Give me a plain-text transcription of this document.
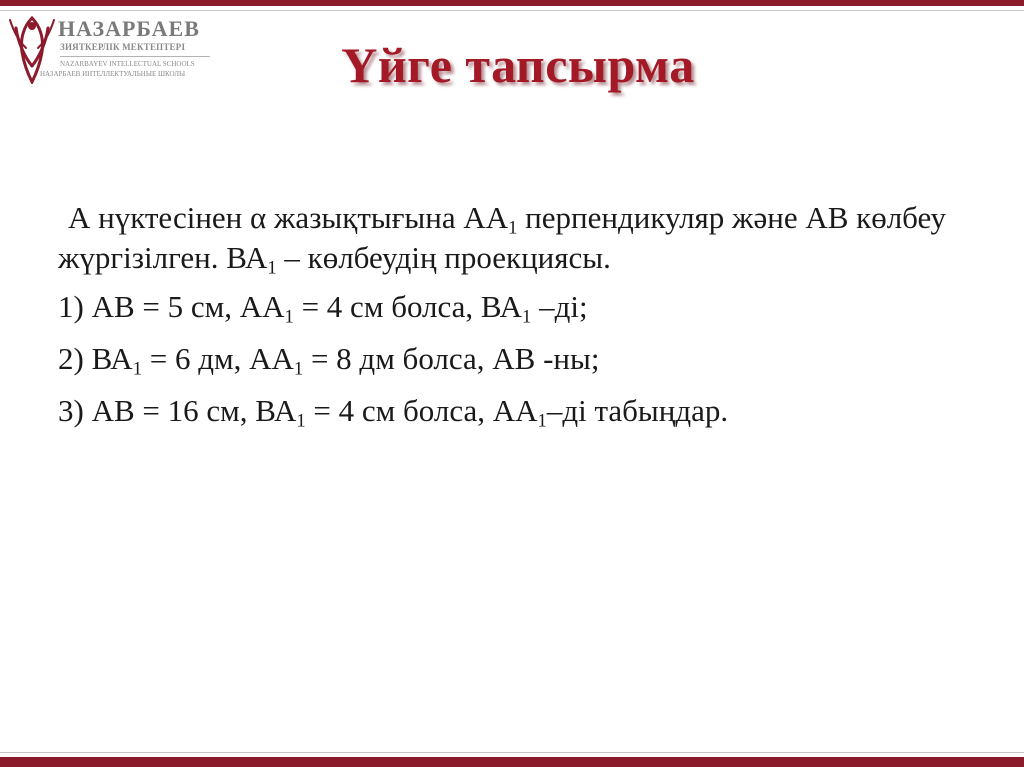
НАЗАРБАЕВ
ЗИЯТКЕРЛІК МЕКТЕПТЕРІ
NAZARBAYEV INTELLECTUAL SCHOOLS
НАЗАРБАЕВ ИНТЕЛЛЕКТУАЛЬНЫЕ ШКОЛЫ	Үйге тапсырма

А нүктесінен α жазықтығына $АА_1$ перпендикуляр және АВ көлбеу жүргізілген. $ВА_1$ – көлбеудің проекциясы.

1) АВ = 5 см, $АА_1 = 4$ см болса, $ВА_1$ –ді;

2) $ВА_1 = 6$ дм, $АА_1 = 8$ дм болса, АВ -ны;

3) АВ = 16 см, $ВА_1 = 4$ см болса, $АА_1-ді$ табыңдар.
